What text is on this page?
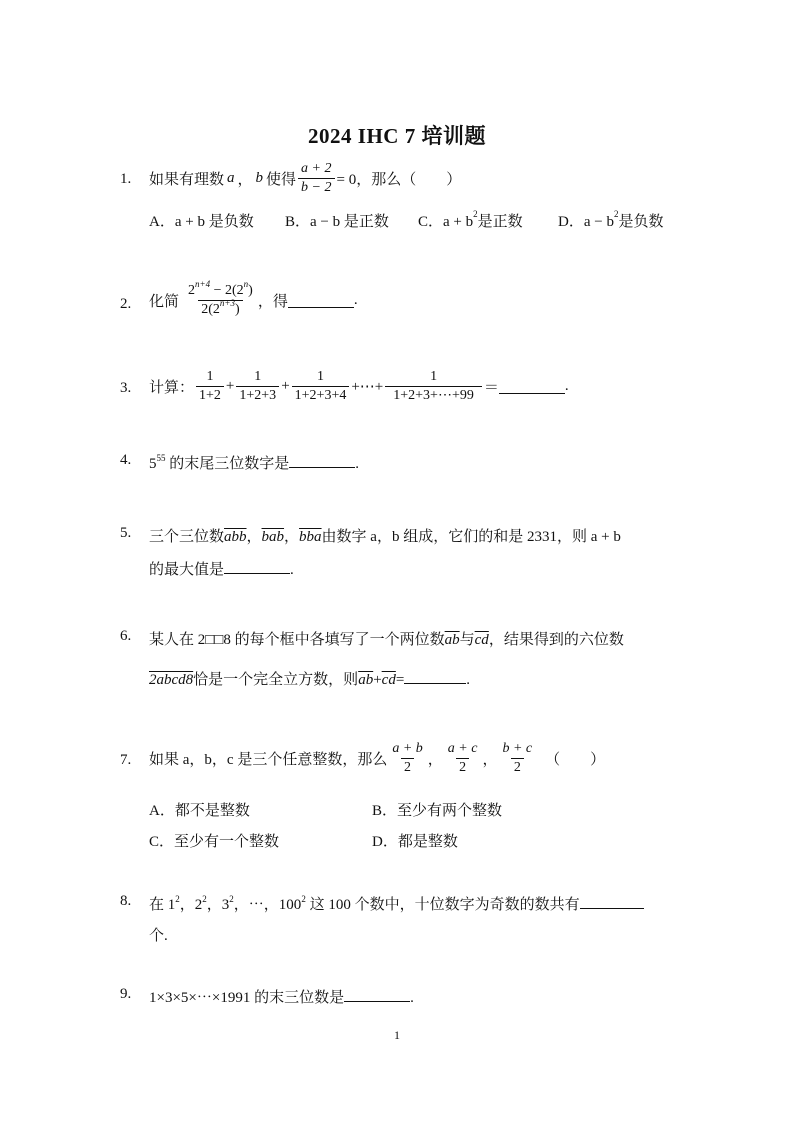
2024 IHC 7 培训题
1. 如果有理数 a ， b 使得 $\frac{a + 2}{b - 2} = 0$，那么（　　）
A．a + b 是负数 B．a − b 是正数 C．$a + b^2$是正数 D．$a - b^2$是负数
2. 化简 $\frac{2^{n+4} - 2(2^n)}{2(2^{n+3})}$ ，得	.
3. 计算： $\frac{1}{1+2} + \frac{1}{1+2+3} + \frac{1}{1+2+3+4}$ +⋯+ $\frac{1}{1+2+3+\cdots+99}$ ＝	.
4. $5^{55}$ 的末尾三位数字是	.
5. 三个三位数$\overline{abb}$，$\overline{bab}$，$\overline{bba}$由数字 a，b 组成，它们的和是 2331，则 a + b
的最大值是	.
6. 某人在 2□□8 的每个框中各填写了一个两位数$\overline{ab}$与$\overline{cd}$，结果得到的六位数
2abcd8恰是一个完全立方数，则$\overline{ab}+\overline{cd}=$	.
7. 如果 a，b，c 是三个任意整数，那么 $\frac{a + b}{2}$ ， $\frac{a + c}{2}$ ， $\frac{b + c}{2}$ （　　）
A．都不是整数	B．至少有两个整数
C．至少有一个整数	D．都是整数
8. 在 $1^2$，$2^2$，$3^2$，⋯，$100^2$ 这 100 个数中，十位数字为奇数的数共有
个.
9. 1×3×5×⋯×1991 的末三位数是	.
1
